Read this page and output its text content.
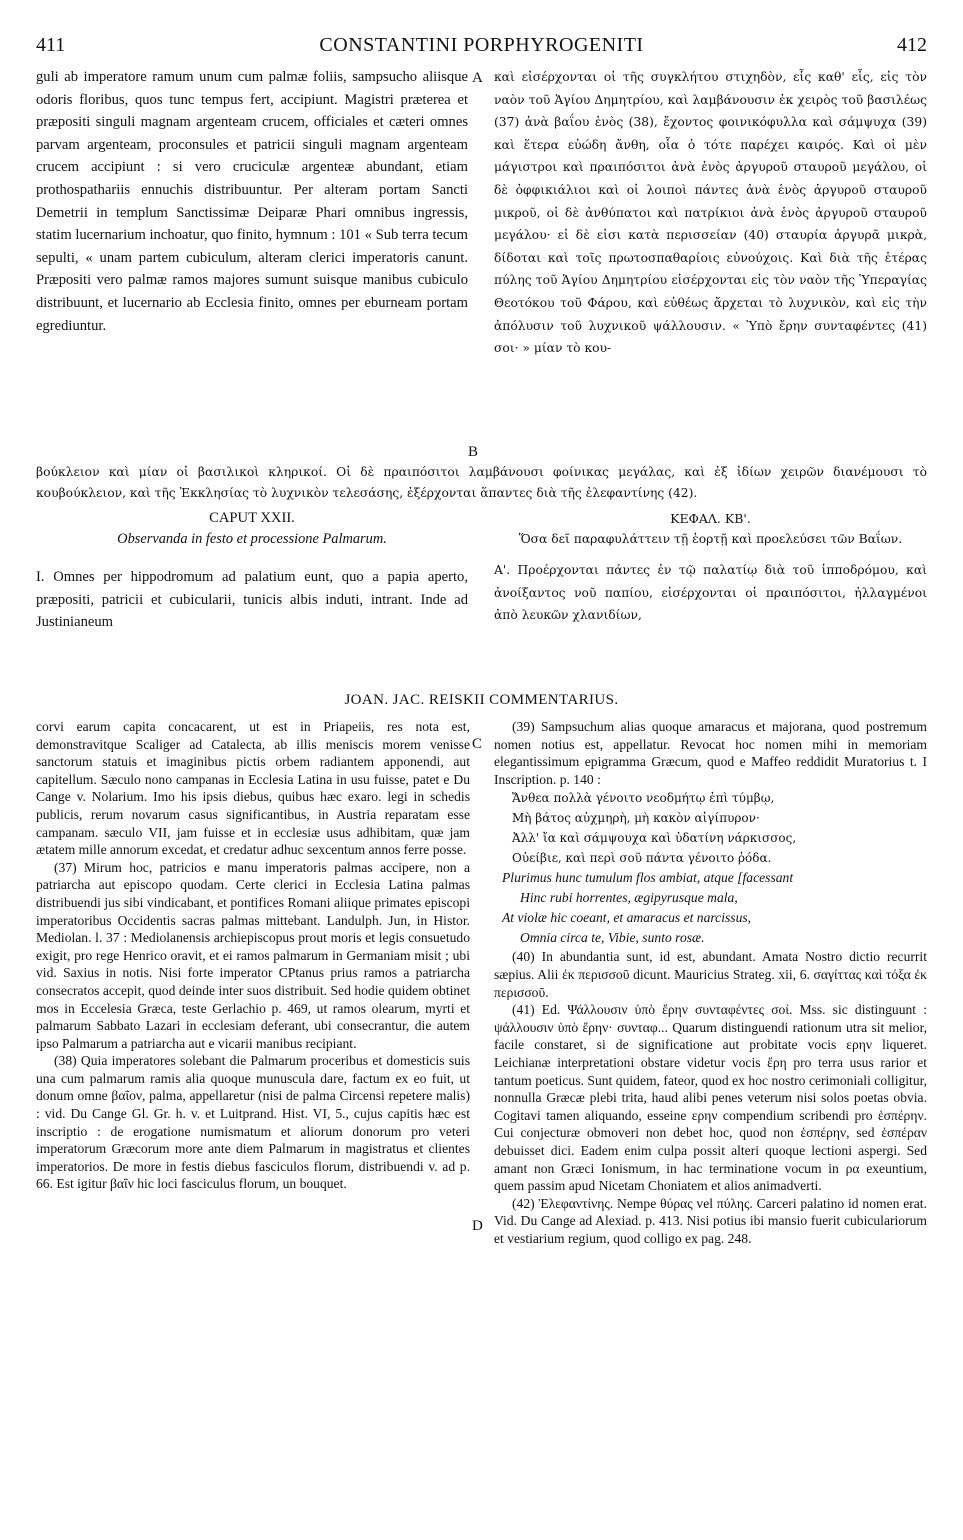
411	CONSTANTINI PORPHYROGENITI	412
guli ab imperatore ramum unum cum palmæ foliis, sampsucho aliisque odoris floribus, quos tunc tempus fert, accipiunt. Magistri præterea et præpositi singuli magnam argenteam crucem, officiales et cæteri omnes parvam argenteam, proconsules et patricii singuli magnam argenteam crucem accipiunt : si vero cruciculæ argenteæ abundant, etiam prothospathariis ennuchis distribuuntur. Per alteram portam Sancti Demetrii in templum Sanctissimæ Deiparæ Phari omnibus ingressis, statim lucernarium inchoatur, quo finito, hymnum : 101 « Sub terra tecum sepulti, « unam partem cubiculum, alteram clerici imperatoris canunt. Præpositi vero palmæ ramos majores sumunt suisque manibus cubiculo distribuunt, et lucernario ab Ecclesia finito, omnes per eburneam portam egrediuntur.
A καὶ εἰσέρχονται οἱ τῆς συγκλήτου στιχηδὸν, εἷς καθ' εἷς, εἰς τὸν ναὸν τοῦ Ἁγίου Δημητρίου, καὶ λαμβάνουσιν ἐκ χειρὸς τοῦ βασιλέως (37) ἀνὰ βαΐου ἑνὸς (38), ἔχοντος φοινικόφυλλα καὶ σάμψυχα (39) καὶ ἕτερα εὐώδη ἄνθη, οἷα ὁ τότε παρέχει καιρός. Καὶ οἱ μὲν μάγιστροι καὶ πραιπόσιτοι ἀνὰ ἑνὸς ἀργυροῦ σταυροῦ μεγάλου, οἱ δὲ ὀφφικιάλιοι καὶ οἱ λοιποὶ πάντες ἀνὰ ἑνὸς ἀργυροῦ σταυροῦ μικροῦ, οἱ δὲ ἀνθύπατοι καὶ πατρίκιοι ἀνὰ ἑνὸς ἀργυροῦ σταυροῦ μεγάλου· εἰ δὲ εἰσι κατὰ περισσείαν (40) σταυρία ἀργυρᾶ μικρὰ, δίδοται καὶ τοῖς πρωτοσπαθαρίοις εὐνούχοις. Καὶ διὰ τῆς ἑτέρας πύλης τοῦ Ἁγίου Δημητρίου εἰσέρχονται εἰς τὸν ναὸν τῆς Ὑπεραγίας Θεοτόκου τοῦ Φάρου, καὶ εὐθέως ἄρχεται τὸ λυχνικὸν, καὶ εἰς τὴν ἀπόλυσιν τοῦ λυχνικοῦ ψάλλουσιν. « Ὑπὸ ἔρην συνταφέντες (41) σοι· » μίαν τὸ κου-
B
βούκλειον καὶ μίαν οἱ βασιλικοὶ κληρικοί. Οἱ δὲ πραιπόσιτοι λαμβάνουσι φοίνικας μεγάλας, καὶ ἐξ ἰδίων χειρῶν διανέμουσι τὸ κουβούκλειον, καὶ τῆς Ἐκκλησίας τὸ λυχνικὸν τελεσάσης, ἐξέρχονται ἅπαντες διὰ τῆς ἐλεφαντίνης (42).
CAPUT XXII.
Observanda in festo et processione Palmarum.
I. Omnes per hippodromum ad palatium eunt, quo a papia aperto, præpositi, patricii et cubicularii, tunicis albis induti, intrant. Inde ad Justinianeum
ΚΕΦΑΛ. ΚΒ'.
Ὅσα δεῖ παραφυλάττειν τῇ ἑορτῇ καὶ προελεύσει τῶν Βαΐων.
Α'. Προέρχονται πάντες ἐν τῷ παλατίῳ διὰ τοῦ ἱπποδρόμου, καὶ ἀνοίξαντος νοῦ παπίου, εἰσέρχονται οἱ πραιπόσιτοι, ἠλλαγμένοι ἀπὸ λευκῶν χλανιδίων,
JOAN. JAC. REISKII COMMENTARIUS.

corvi earum capita concacarent, ut est in Priapeiis, res nota est, demonstravitque Scaliger ad Catalecta, ab illis meniscis morem venisse sanctorum statuis et imaginibus pictis orbem radiantem apponendi, aut capitellum. Sæculo nono campanas in Ecclesia Latina in usu fuisse, patet e Du Cange v. Nolarium. Imo his ipsis diebus, quibus hæc exaro. legi in schedis publicis, rerum novarum casus significantibus, in Austria reparatam esse campanam. sæculo VII, jam fuisse et in ecclesiæ usus adhibitam, quæ jam ætatem mille annorum excedat, et credatur adhuc sexcentum annos ferre posse.

(37) Mirum hoc, patricios e manu imperatoris palmas accipere, non a patriarcha aut episcopo quodam. Certe clerici in Ecclesia Latina palmas distribuendi jus sibi vindicabant, et pontifices Romani aliique primates episcopi imperatoribus Occidentis sacras palmas mittebant. Landulph. Jun, in Histor. Mediolan. l. 37 : Mediolanensis archiepiscopus prout moris et legis consuetudo exigit, pro rege Henrico oravit, et ei ramos palmarum in Germaniam misit ; ubi vid. Saxius in notis. Nisi forte imperator CPtanus prius ramos a patriarcha consecratos accepit, quod deinde inter suos distribuit. Sed hodie quidem obtinet mos in Eccelesia Græca, teste Gerlachio p. 469, ut ramos olearum, myrti et palmarum Sabbato Lazari in ecclesiam deferant, ubi consecrantur, die autem ipso Palmarum a patriarcha aut e vicarii manibus recipiant.

(38) Quia imperatores solebant die Palmarum proceribus et domesticis suis una cum palmarum ramis alia quoque munuscula dare, factum ex eo fuit, ut donum omne βαΐον, palma, appellaretur (nisi de palma Circensi repetere malis) : vid. Du Cange Gl. Gr. h. v. et Luitprand. Hist. VI, 5., cujus capitis hæc est inscriptio : de erogatione numismatum et aliorum donorum pro veteri imperatorum Græcorum more ante diem Palmarum in magistratus et clientes imperatorios. De more in festis diebus fasciculos florum, distribuendi v. ad p. 66. Est igitur βαΐν hic loci fasciculus florum, un bouquet.

C
D

(39) Sampsuchum alias quoque amaracus et majorana, quod postremum nomen notius est, appellatur. Revocat hoc nomen mihi in memoriam elegantissimum epigramma Græcum, quod e Maffeo reddidit Muratorius t. I Inscription. p. 140 :

Ἄνθεα πολλὰ γένοιτο νεοδμήτῳ ἐπὶ τύμβῳ,
Μὴ βάτος αὐχμηρὴ, μὴ κακὸν αἰγίπυρον·
Ἀλλ' ἴα καὶ σάμψουχα καὶ ὑδατίνη νάρκισσος,
Οὐείβιε, καὶ περὶ σοῦ πάντα γένοιτο ῥόδα.
Plurimus hunc tumulum flos ambiat, atque [facessant
Hinc rubi horrentes, ægipyrusque mala,
At violæ hic coeant, et amaracus et narcissus,
Omnia circa te, Vibie, sunto rosæ.

(40) In abundantia sunt, id est, abundant. Amata Nostro dictio recurrit sæpius. Alii ἐκ περισσοῦ dicunt. Mauricius Strateg. xii, 6. σαγίττας καὶ τόξα ἐκ περισσοῦ.

(41) Ed. Ψάλλουσιν ὑπὸ ἔρην συνταφέντες σοί. Mss. sic distinguunt : ψάλλουσιν ὑπὸ ἔρην· συνταφ... Quarum distinguendi rationum utra sit melior, facile constaret, si de significatione aut probitate vocis ερην liqueret. Leichianæ interpretationi obstare videtur vocis ἔρη pro terra usus rarior et tantum poeticus. Sunt quidem, fateor, quod ex hoc nostro cerimoniali colligitur, nonnulla Græcæ plebi trita, haud alibi penes veterum nisi solos poetas obvia. Cogitavi tamen aliquando, esseine ερην compendium scribendi pro ἑσπέρην. Cui conjecturæ obmoveri non debet hoc, quod non ἑσπέρην, sed ἑσπέραν debuisset dici. Eadem enim culpa possit alteri quoque lectioni aspergi. Sed amant non Græci Ionismum, in hac terminatione vocum in ρα exeuntium, quem passim apud Nicetam Choniatem et alios animadverti.

(42) Ἐλεφαντίνης. Nempe θύρας vel πύλης. Carceri palatino id nomen erat. Vid. Du Cange ad Alexiad. p. 413. Nisi potius ibi mansio fuerit cubiculariorum et vestiarium regium, quod colligo ex pag. 248.
